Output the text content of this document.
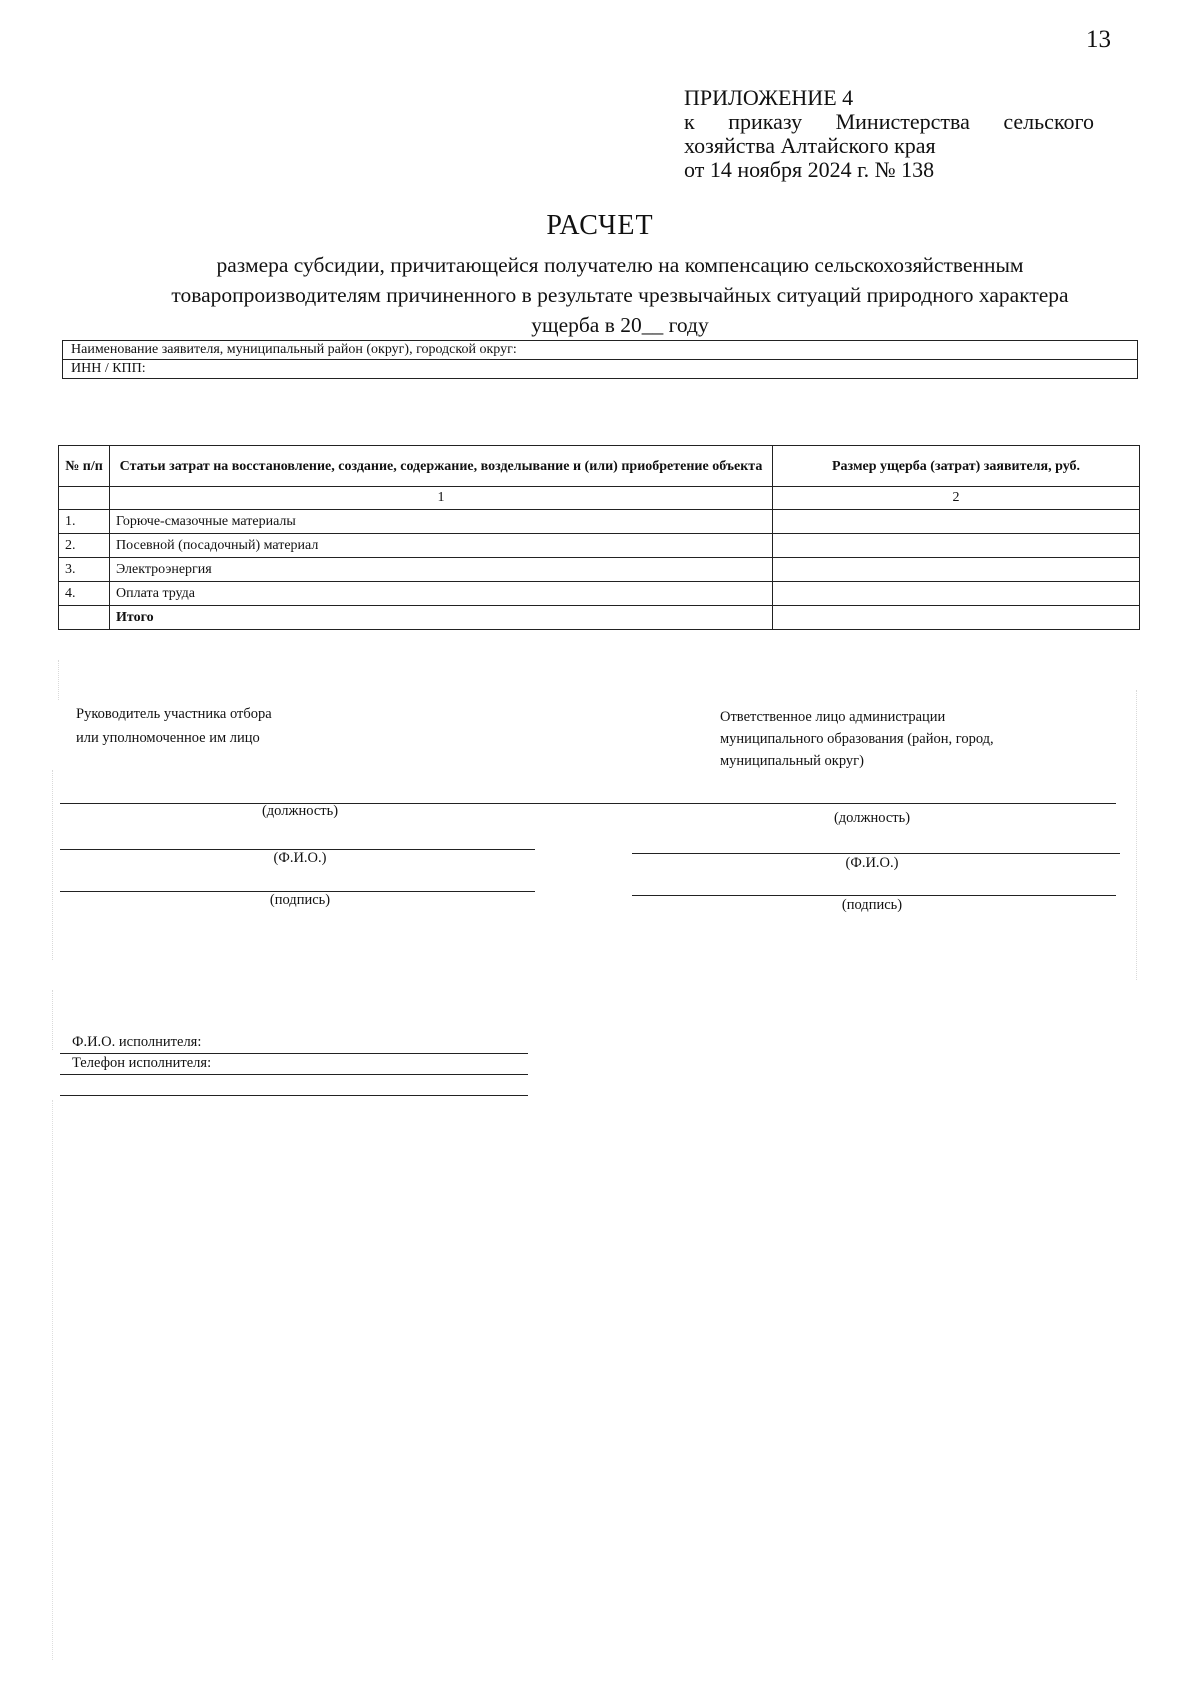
13
ПРИЛОЖЕНИЕ 4
к приказу Министерства сельского
хозяйства Алтайского края
от 14 ноября 2024 г. № 138
РАСЧЕТ
размера субсидии, причитающейся получателю на компенсацию сельскохозяйственным
товаропроизводителям причиненного в результате чрезвычайных ситуаций природного характера
ущерба в 20__ году
Наименование заявителя, муниципальный район (округ), городской округ:
ИНН / КПП:
№ п/п	Статьи затрат на восстановление, создание, содержание, возделывание и (или) приобретение объекта	Размер ущерба (затрат) заявителя, руб.
	1	2
1.	Горюче-смазочные материалы	
2.	Посевной (посадочный) материал	
3.	Электроэнергия	
4.	Оплата труда	
	Итого	
Руководитель участника отбора
или уполномоченное им лицо
Ответственное лицо администрации
муниципального образования (район, город,
муниципальный округ)
(должность)	(должность)
(Ф.И.О.)	(Ф.И.О.)
(подпись)	(подпись)
Ф.И.О. исполнителя:
Телефон исполнителя:
